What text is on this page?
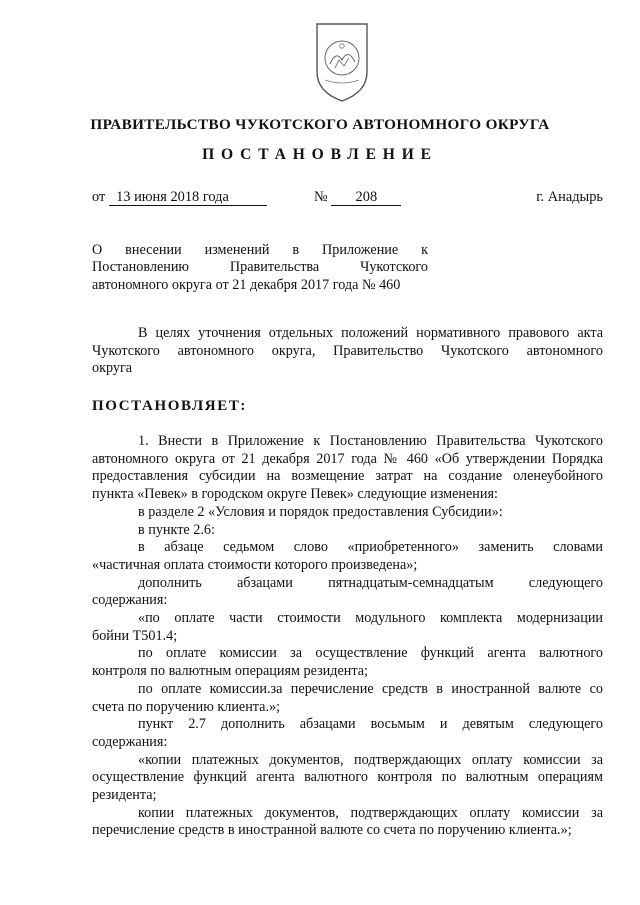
ПРАВИТЕЛЬСТВО ЧУКОТСКОГО АВТОНОМНОГО ОКРУГА
ПОСТАНОВЛЕНИЕ
от 13 июня 2018 года	№ 208	г. Анадырь
О внесении изменений в Приложение к
Постановлению Правительства Чукотского
автономного округа от 21 декабря 2017 года № 460
В целях уточнения отдельных положений нормативного правового акта
Чукотского автономного округа, Правительство Чукотского автономного
округа
ПОСТАНОВЛЯЕТ:
1. Внести в Приложение к Постановлению Правительства Чукотского
автономного округа от 21 декабря 2017 года № 460 «Об утверждении Порядка
предоставления субсидии на возмещение затрат на создание оленеубойного
пункта «Певек» в городском округе Певек» следующие изменения:
в разделе 2 «Условия и порядок предоставления Субсидии»:
в пункте 2.6:
в абзаце седьмом слово «приобретенного» заменить словами
«частичная оплата стоимости которого произведена»;
дополнить абзацами пятнадцатым-семнадцатым следующего
содержания:
«по оплате части стоимости модульного комплекта модернизации
бойни Т501.4;
по оплате комиссии за осуществление функций агента валютного
контроля по валютным операциям резидента;
по оплате комиссии.за перечисление средств в иностранной валюте со
счета по поручению клиента.»;
пункт 2.7 дополнить абзацами восьмым и девятым следующего
содержания:
«копии платежных документов, подтверждающих оплату комиссии за
осуществление функций агента валютного контроля по валютным операциям
резидента;
копии платежных документов, подтверждающих оплату комиссии за
перечисление средств в иностранной валюте со счета по поручению клиента.»;
